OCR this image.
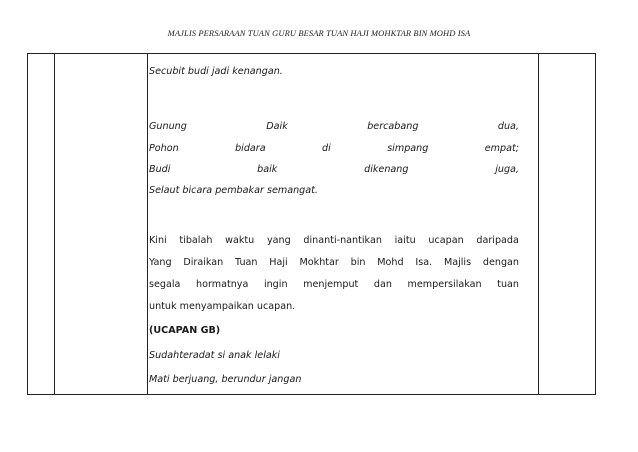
MAJLIS PERSARAAN TUAN GURU BESAR TUAN HAJI MOHKTAR BIN MOHD ISA
Secubit budi jadi kenangan.
Gunung	Daik	bercabang	dua,
Pohon	bidara	di	simpang	empat;
Budi	baik	dikenang	juga,
Selaut bicara pembakar semangat.
Kini tibalah waktu yang dinanti-nantikan iaitu ucapan daripada
Yang Diraikan Tuan Haji Mokhtar bin Mohd Isa. Majlis dengan
segala hormatnya ingin menjemput dan mempersilakan tuan
untuk menyampaikan ucapan.
(UCAPAN GB)
Sudahteradat si anak lelaki
Mati berjuang, berundur jangan
